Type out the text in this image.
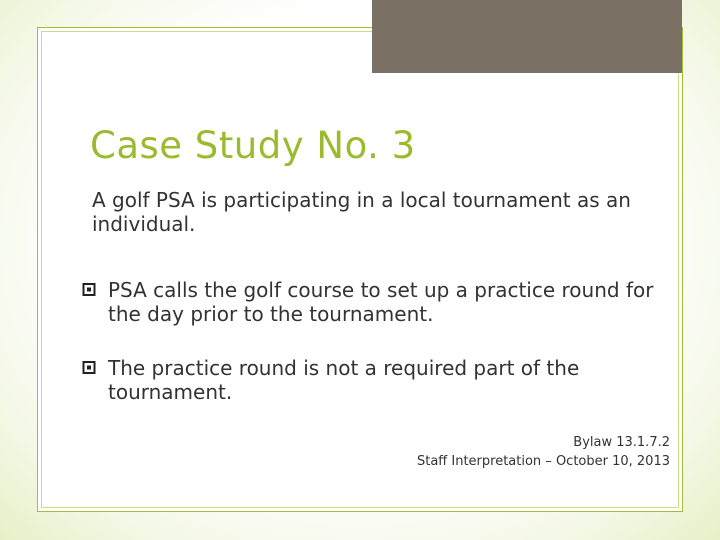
Case Study No. 3
A golf PSA is participating in a local tournament as an individual.
PSA calls the golf course to set up a practice round for the day prior to the tournament.
The practice round is not a required part of the tournament.
Bylaw 13.1.7.2
Staff Interpretation – October 10, 2013
